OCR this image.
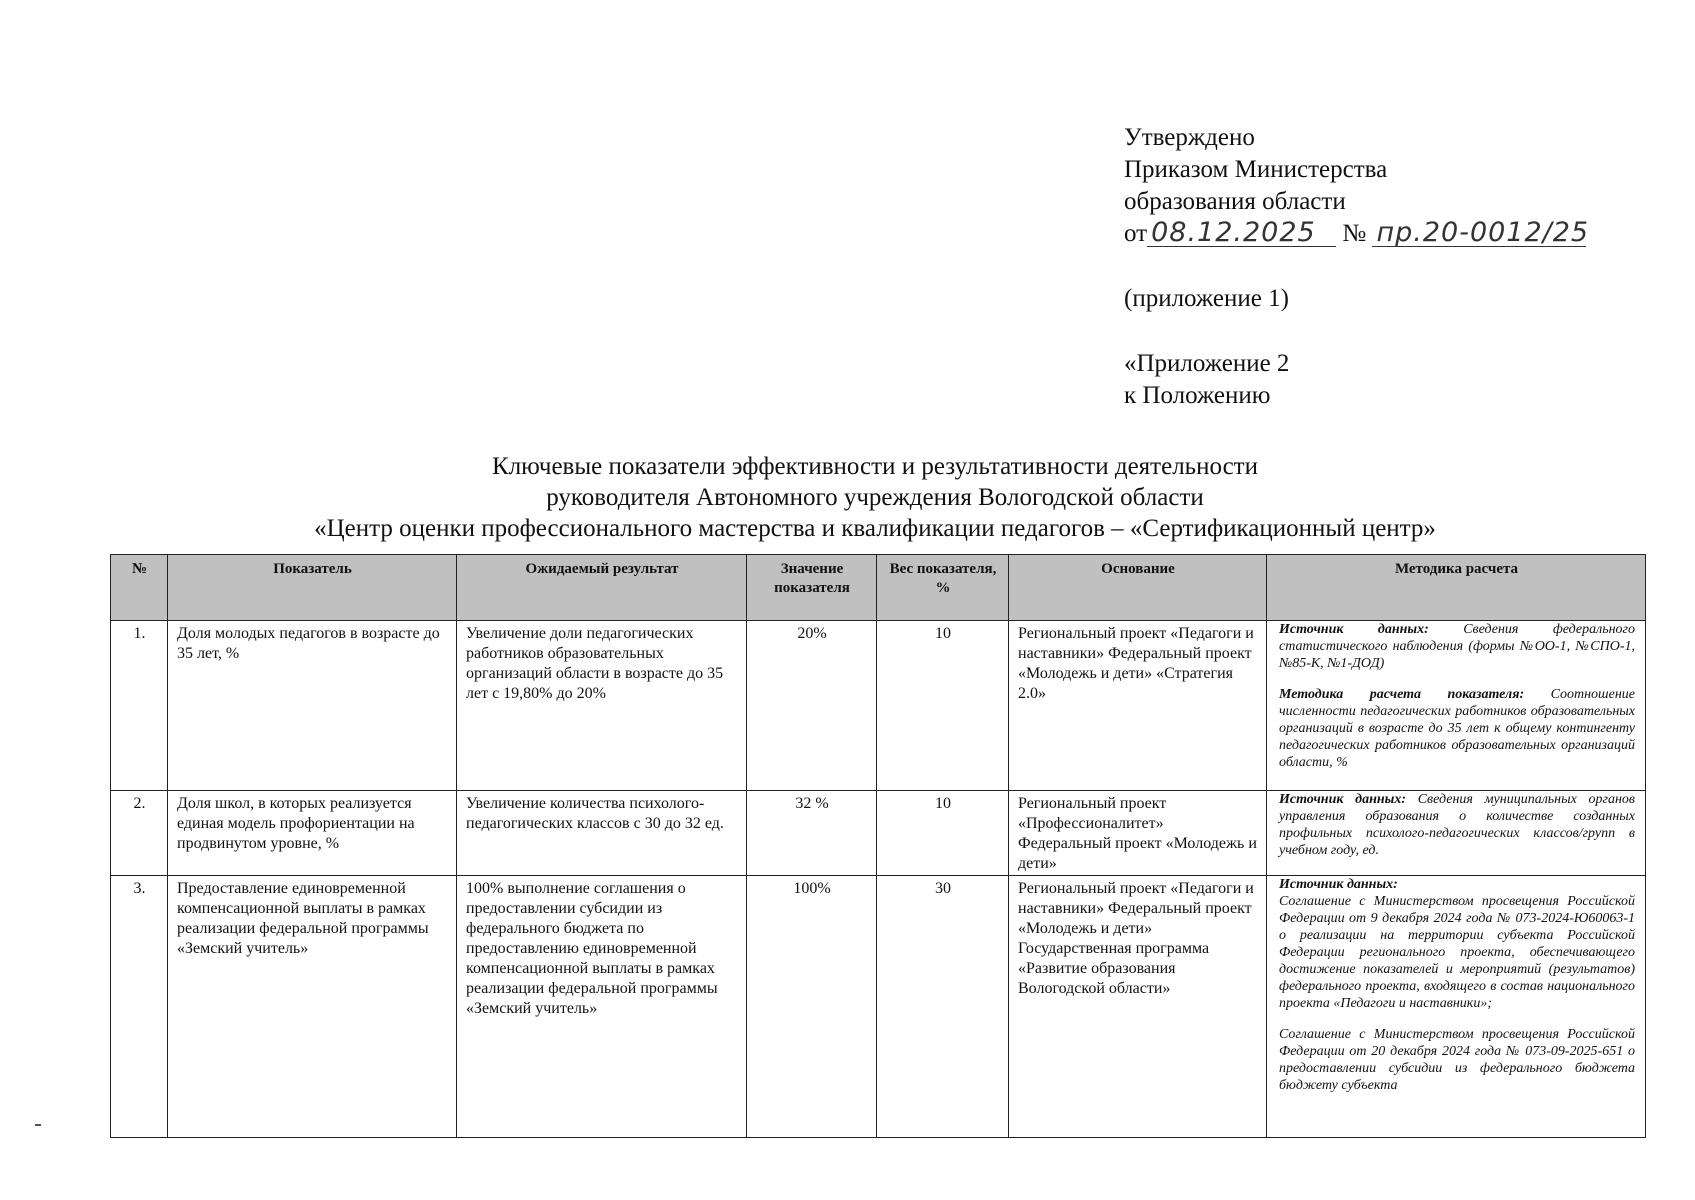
Утверждено
Приказом Министерства
образования области
от 08.12.2025 № пр.20-0012/25
(приложение 1)
«Приложение 2
к Положению
Ключевые показатели эффективности и результативности деятельности
руководителя Автономного учреждения Вологодской области
«Центр оценки профессионального мастерства и квалификации педагогов – «Сертификационный центр»
№	Показатель	Ожидаемый результат	Значение показателя	Вес показателя, %	Основание	Методика расчета
1.	Доля молодых педагогов в возрасте до 35 лет, %	Увеличение доли педагогических работников образовательных организаций области в возрасте до 35 лет с 19,80% до 20%	20%	10	Региональный проект «Педагоги и наставники» Федеральный проект «Молодежь и дети» «Стратегия 2.0»	Источник данных: Сведения федерального статистического наблюдения (формы №ОО-1, №СПО-1, №85-К, №1-ДОД)

Методика расчета показателя: Соотношение численности педагогических работников образовательных организаций в возрасте до 35 лет к общему контингенту педагогических работников образовательных организаций области, %

2.	Доля школ, в которых реализуется единая модель профориентации на продвинутом уровне, %	Увеличение количества психолого-педагогических классов с 30 до 32 ед.	32 %	10	Региональный проект «Профессионалитет» Федеральный проект «Молодежь и дети»	Источник данных: Сведения муниципальных органов управления образования о количестве созданных профильных психолого-педагогических классов/групп в учебном году, ед.

3.	Предоставление единовременной компенсационной выплаты в рамках реализации федеральной программы «Земский учитель»	100% выполнение соглашения о предоставлении субсидии из федерального бюджета по предоставлению единовременной компенсационной выплаты в рамках реализации федеральной программы «Земский учитель»	100%	30	Региональный проект «Педагоги и наставники» Федеральный проект «Молодежь и дети» Государственная программа «Развитие образования Вологодской области»	Источник данных:
Соглашение с Министерством просвещения Российской Федерации от 9 декабря 2024 года № 073-2024-Ю60063-1 о реализации на территории субъекта Российской Федерации регионального проекта, обеспечивающего достижение показателей и мероприятий (результатов) федерального проекта, входящего в состав национального проекта «Педагоги и наставники»;

Соглашение с Министерством просвещения Российской Федерации от 20 декабря 2024 года № 073-09-2025-651 о предоставлении субсидии из федерального бюджета бюджету субъекта
